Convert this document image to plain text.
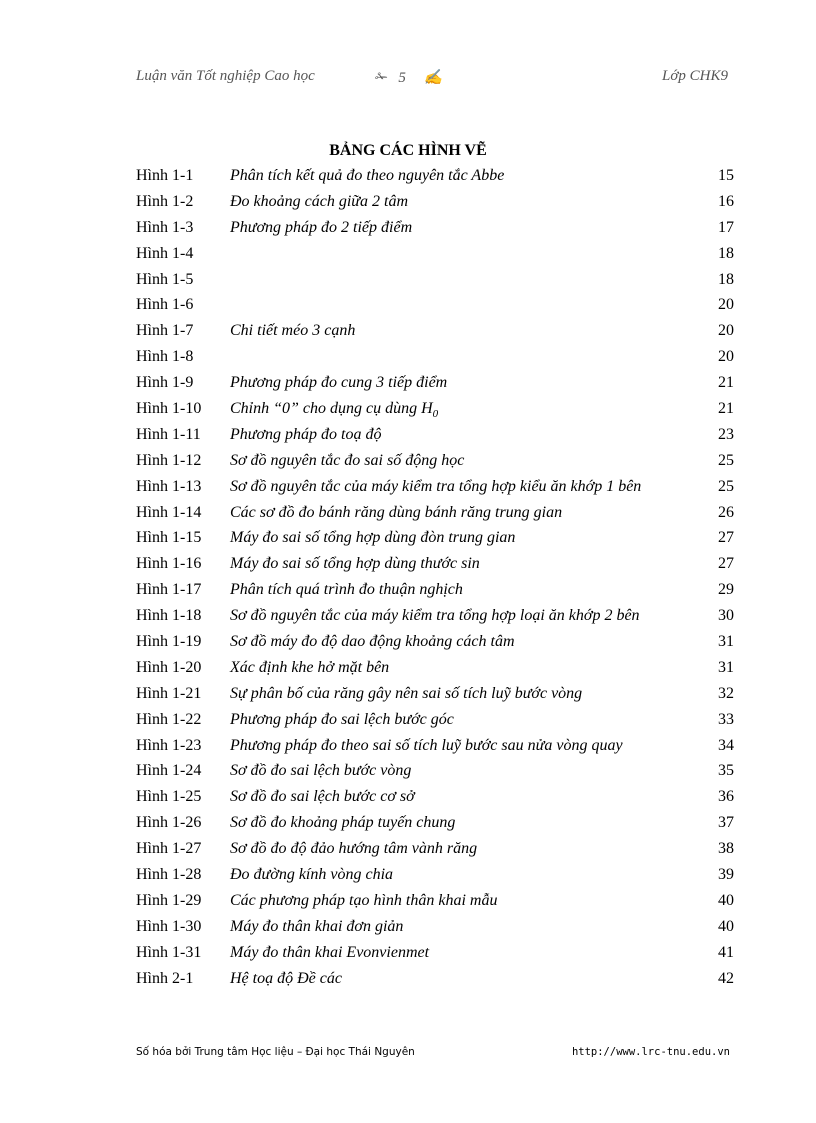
Luận văn Tốt nghiệp Cao học	✁ 5 ✍	Lớp CHK9
BẢNG CÁC HÌNH VẼ
Hình 1-1 Phân tích kết quả đo theo nguyên tắc Abbe	15
Hình 1-2 Đo khoảng cách giữa 2 tâm	16
Hình 1-3 Phương pháp đo 2 tiếp điểm	17
Hình 1-4	18
Hình 1-5	18
Hình 1-6	20
Hình 1-7 Chi tiết méo 3 cạnh	20
Hình 1-8	20
Hình 1-9 Phương pháp đo cung 3 tiếp điểm	21
Hình 1-10 Chỉnh “0” cho dụng cụ dùng $H_0$	21
Hình 1-11 Phương pháp đo toạ độ	23
Hình 1-12 Sơ đồ nguyên tắc đo sai số động học	25
Hình 1-13 Sơ đồ nguyên tắc của máy kiểm tra tổng hợp kiểu ăn khớp 1 bên	25
Hình 1-14 Các sơ đồ đo bánh răng dùng bánh răng trung gian	26
Hình 1-15 Máy đo sai số tổng hợp dùng đòn trung gian	27
Hình 1-16 Máy đo sai số tổng hợp dùng thước sin	27
Hình 1-17 Phân tích quá trình đo thuận nghịch	29
Hình 1-18 Sơ đồ nguyên tắc của máy kiểm tra tổng hợp loại ăn khớp 2 bên	30
Hình 1-19 Sơ đồ máy đo độ dao động khoảng cách tâm	31
Hình 1-20 Xác định khe hở mặt bên	31
Hình 1-21 Sự phân bố của răng gây nên sai số tích luỹ bước vòng	32
Hình 1-22 Phương pháp đo sai lệch bước góc	33
Hình 1-23 Phương pháp đo theo sai số tích luỹ bước sau nửa vòng quay	34
Hình 1-24 Sơ đồ đo sai lệch bước vòng	35
Hình 1-25 Sơ đồ đo sai lệch bước cơ sở	36
Hình 1-26 Sơ đồ đo khoảng pháp tuyến chung	37
Hình 1-27 Sơ đồ đo độ đảo hướng tâm vành răng	38
Hình 1-28 Đo đường kính vòng chia	39
Hình 1-29 Các phương pháp tạo hình thân khai mẫu	40
Hình 1-30 Máy đo thân khai đơn giản	40
Hình 1-31 Máy đo thân khai Evonvienmet	41
Hình 2-1 Hệ toạ độ Đề các	42
Số hóa bởi Trung tâm Học liệu – Đại học Thái Nguyên	http://www.lrc-tnu.edu.vn
